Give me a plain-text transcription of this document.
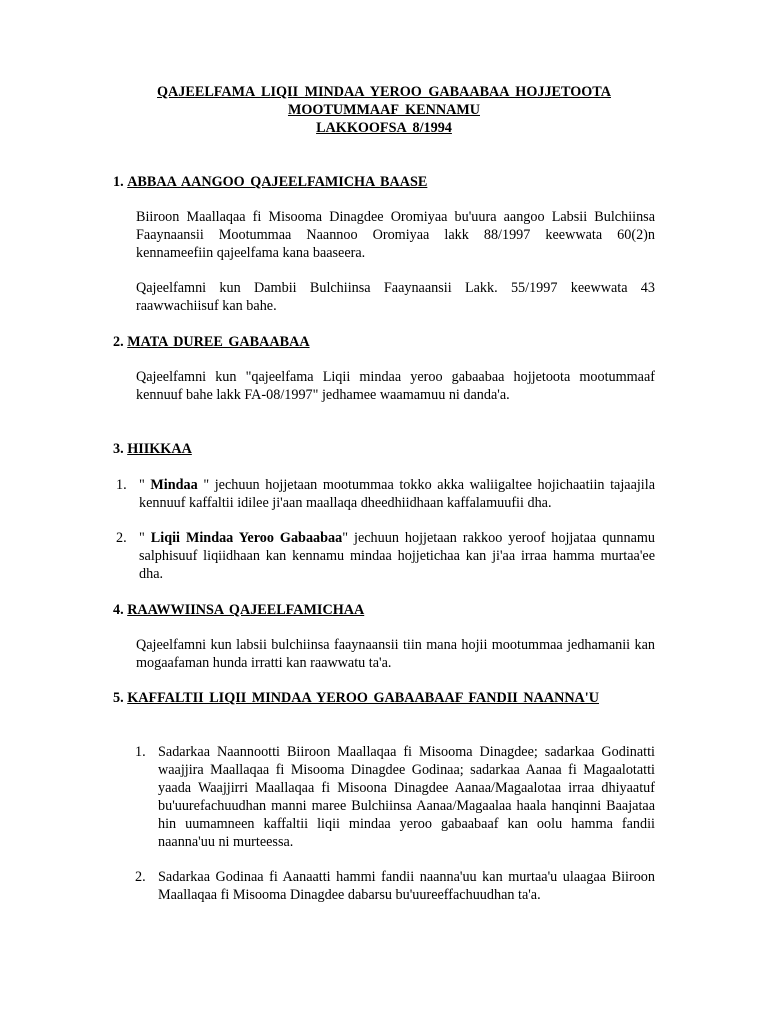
QAJEELFAMA LIQII MINDAA YEROO GABAABAA HOJJETOOTA
MOOTUMMAAF KENNAMU
LAKKOOFSA 8/1994
1. ABBAA AANGOO QAJEELFAMICHA BAASE
Biiroon Maallaqaa fi Misooma Dinagdee Oromiyaa bu'uura aangoo Labsii Bulchiinsa Faaynaansii Mootummaa Naannoo Oromiyaa lakk 88/1997 keewwata 60(2)n kennameefiin qajeelfama kana baaseera.
Qajeelfamni kun Dambii Bulchiinsa Faaynaansii Lakk. 55/1997 keewwata 43 raawwachiisuf kan bahe.
2. MATA DUREE GABAABAA
Qajeelfamni kun "qajeelfama Liqii mindaa yeroo gabaabaa hojjetoota mootummaaf kennuuf bahe lakk FA-08/1997" jedhamee waamamuu ni danda'a.
3. HIIKKAA
1. " Mindaa " jechuun hojjetaan mootummaa tokko akka waliigaltee hojichaatiin tajaajila kennuuf kaffaltii idilee ji'aan maallaqa dheedhiidhaan kaffalamuufii dha.
2. " Liqii Mindaa Yeroo Gabaabaa" jechuun hojjetaan rakkoo yeroof hojjataa qunnamu salphisuuf liqiidhaan kan kennamu mindaa hojjetichaa kan ji'aa irraa hamma murtaa'ee dha.
4. RAAWWIINSA QAJEELFAMICHAA
Qajeelfamni kun labsii bulchiinsa faaynaansii tiin mana hojii mootummaa jedhamanii kan mogaafaman hunda irratti kan raawwatu ta'a.
5. KAFFALTII LIQII MINDAA YEROO GABAABAAF FANDII NAANNA'U
1. Sadarkaa Naannootti Biiroon Maallaqaa fi Misooma Dinagdee; sadarkaa Godinatti waajjira Maallaqaa fi Misooma Dinagdee Godinaa; sadarkaa Aanaa fi Magaalotatti yaada Waajjirri Maallaqaa fi Misoona Dinagdee Aanaa/Magaalotaa irraa dhiyaatuf bu'uurefachuudhan manni maree Bulchiinsa Aanaa/Magaalaa haala hanqinni Baajataa hin uumamneen kaffaltii liqii mindaa yeroo gabaabaaf kan oolu hamma fandii naanna'uu ni murteessa.
2. Sadarkaa Godinaa fi Aanaatti hammi fandii naanna'uu kan murtaa'u ulaagaa Biiroon Maallaqaa fi Misooma Dinagdee dabarsu bu'uureeffachuudhan ta'a.
